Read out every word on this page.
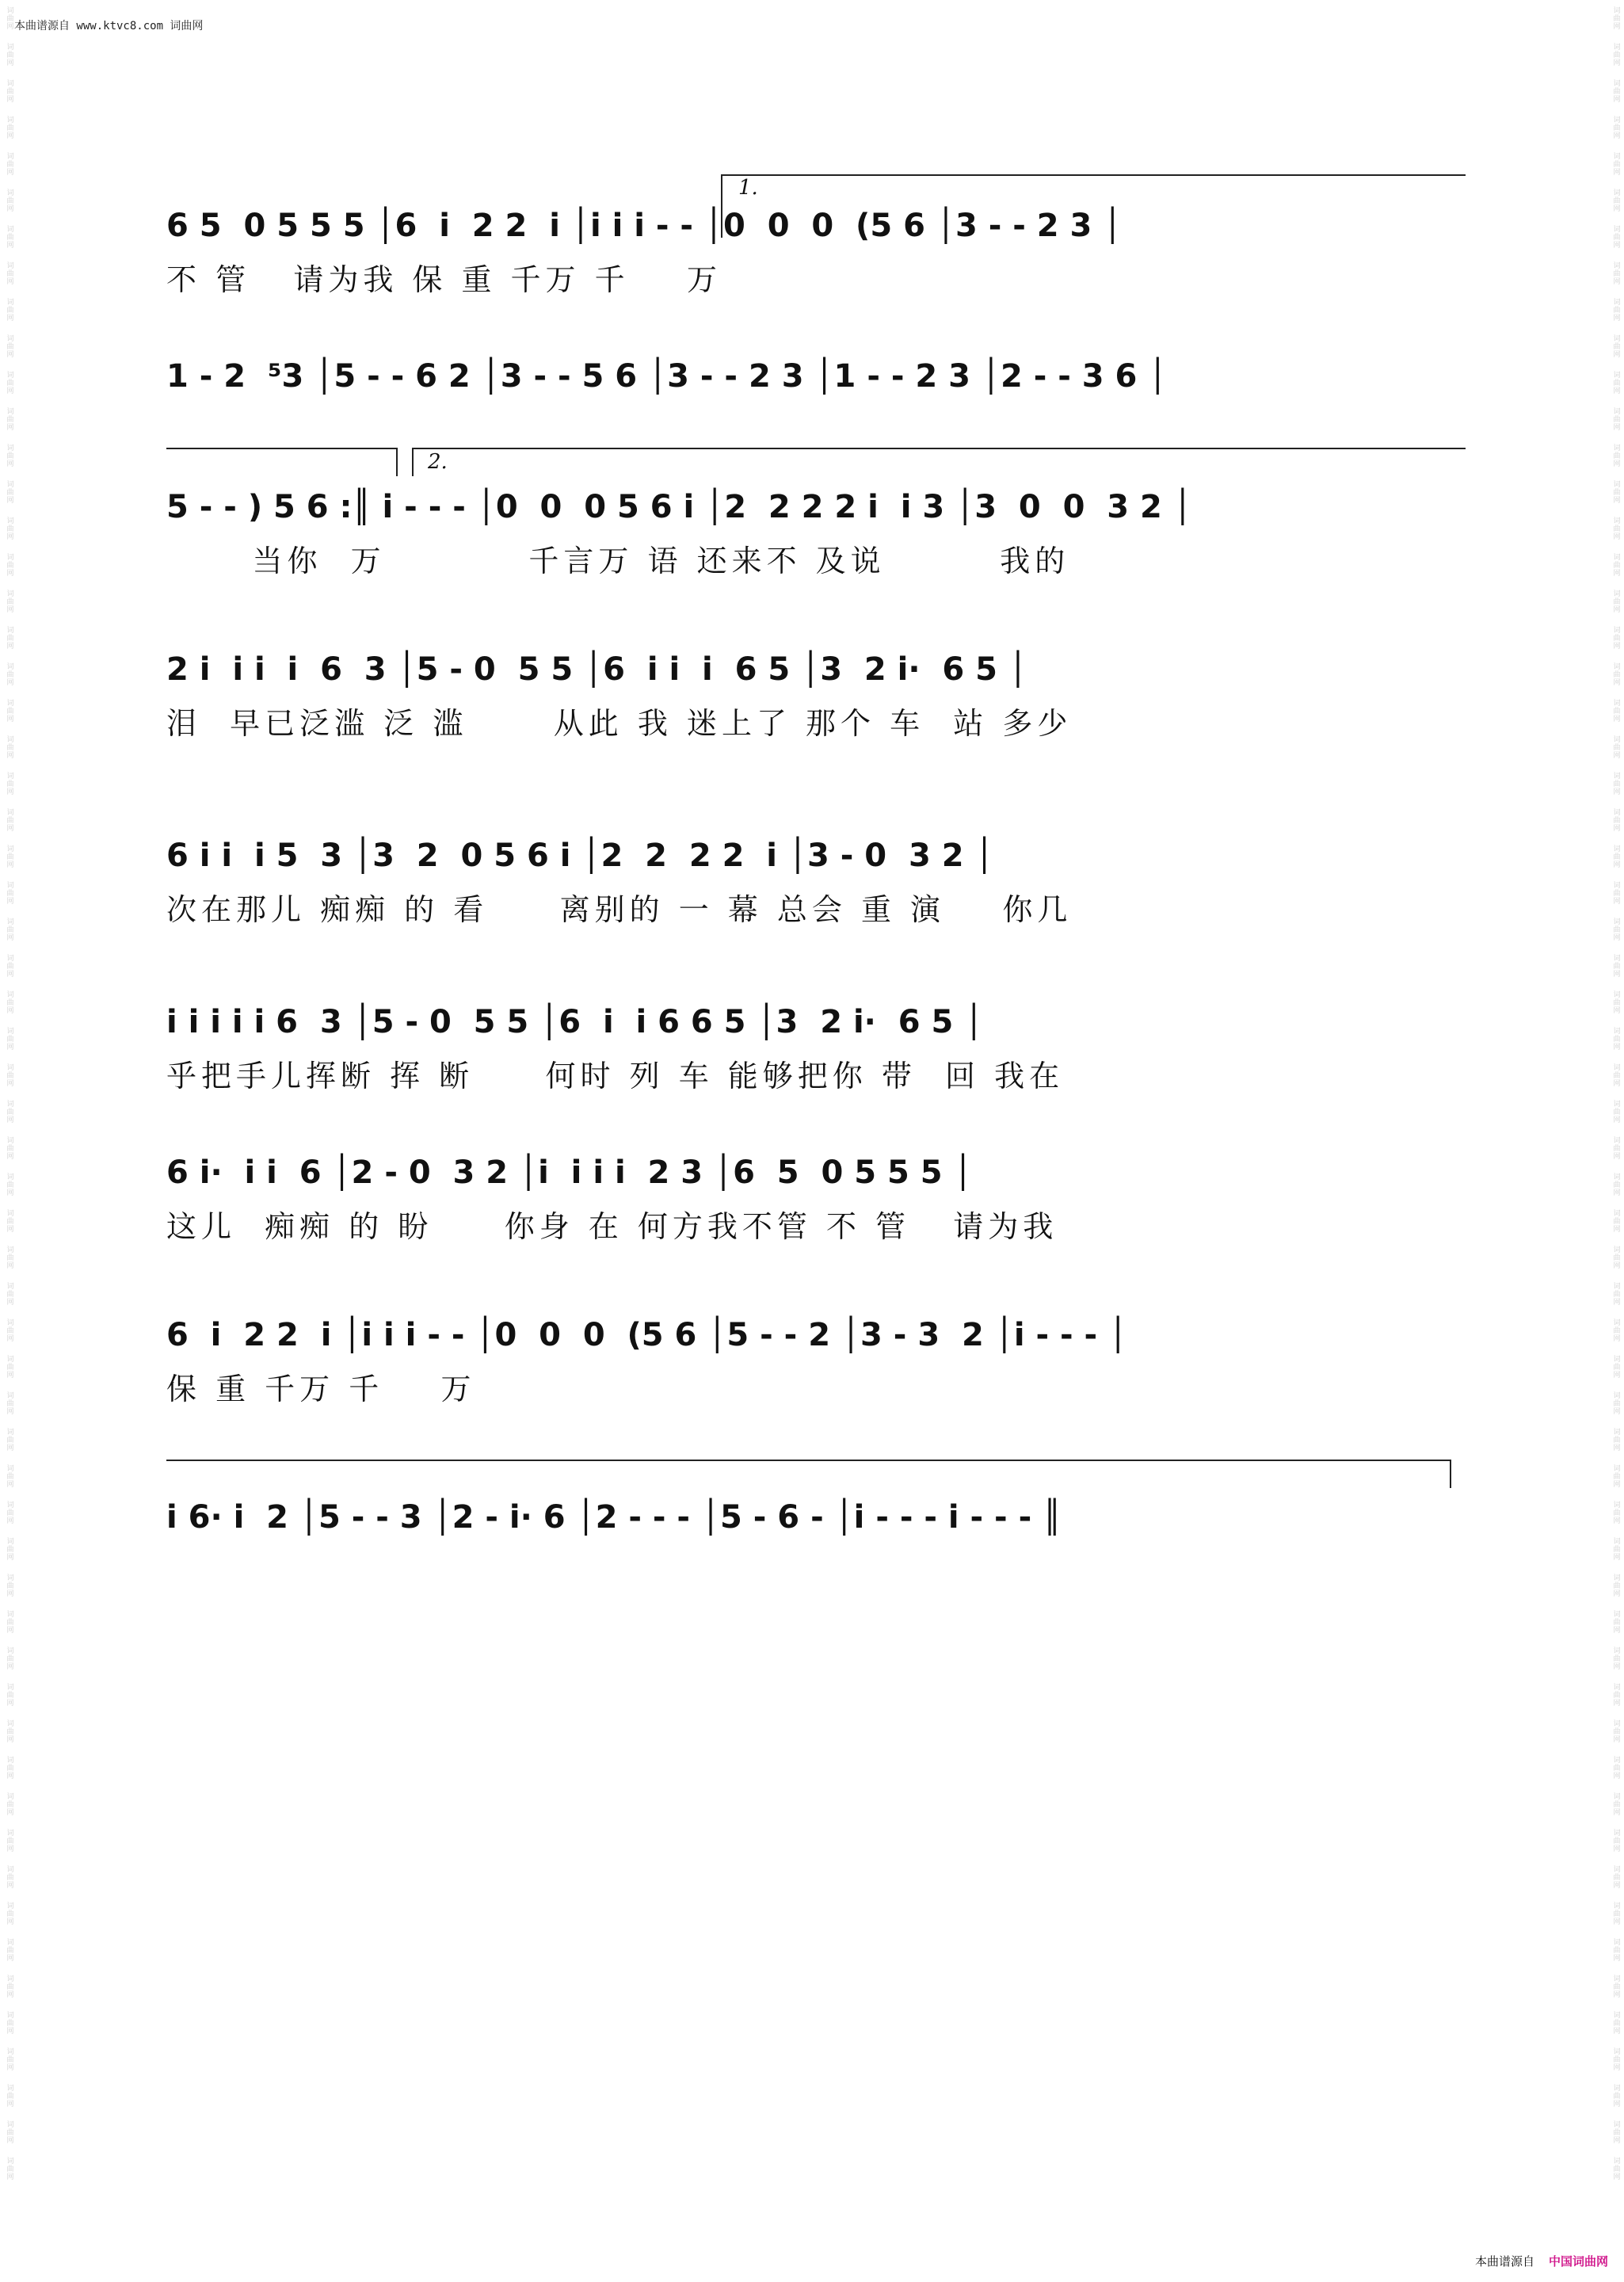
词曲网
词曲网
词曲网
词曲网
词曲网
词曲网
词曲网
词曲网
词曲网
词曲网
词曲网
词曲网
词曲网
词曲网
词曲网
词曲网
词曲网
词曲网
词曲网
词曲网
词曲网
词曲网
词曲网
词曲网
词曲网
词曲网
词曲网
词曲网
词曲网
词曲网
词曲网
词曲网
词曲网
词曲网
词曲网
词曲网
词曲网
词曲网
词曲网
词曲网
词曲网
词曲网
词曲网
词曲网
词曲网
词曲网
词曲网
词曲网
词曲网
词曲网
词曲网
词曲网
词曲网
词曲网
词曲网
词曲网
词曲网
词曲网
词曲网
词曲网
词曲网
词曲网
词曲网
词曲网
词曲网
词曲网
词曲网
词曲网
词曲网
词曲网
词曲网
词曲网
词曲网
词曲网
词曲网
词曲网
词曲网
词曲网
词曲网
词曲网
词曲网
词曲网
词曲网
词曲网
词曲网
词曲网
词曲网
词曲网
词曲网
词曲网
词曲网
词曲网
词曲网
词曲网
词曲网
词曲网
词曲网
词曲网
词曲网
词曲网
词曲网
词曲网
词曲网
词曲网
词曲网
词曲网
词曲网
词曲网
词曲网
词曲网
词曲网
词曲网
词曲网
词曲网
词曲网
词曲网
词曲网
词曲网
词曲网
词曲网
本曲谱源自 www.ktvc8.com 词曲网
1.
6 5  0 5 5 5 │6  i  2 2  i │i i i - - │0  0  0  (5 6 │3 - - 2 3 │
不 管   请为我 保 重 千万 千    万
1 - 2  ⁵3 │5 - - 6 2 │3 - - 5 6 │3 - - 2 3 │1 - - 2 3 │2 - - 3 6 │
2.
5 - - ) 5 6 :║ i - - - │0  0  0 5 6 i │2  2 2 2 i  i 3 │3  0  0  3 2 │
当你  万          千言万 语 还来不 及说        我的
2 i  i i  i  6  3 │5 - 0  5 5 │6  i i  i  6 5 │3  2 i·  6 5 │
泪  早已泛滥 泛 滥      从此 我 迷上了 那个 车  站 多少
6 i i  i 5  3 │3  2  0 5 6 i │2  2  2 2  i │3 - 0  3 2 │
次在那儿 痴痴 的 看     离别的 一 幕 总会 重 演    你几
i i i i i 6  3 │5 - 0  5 5 │6  i  i 6 6 5 │3  2 i·  6 5 │
乎把手儿挥断 挥 断     何时 列 车 能够把你 带  回 我在
6 i·  i i  6 │2 - 0  3 2 │i  i i i  2 3 │6  5  0 5 5 5 │
这儿  痴痴 的 盼     你身 在 何方我不管 不 管   请为我
6  i  2 2  i │i i i - - │0  0  0  (5 6 │5 - - 2 │3 - 3  2 │i - - - │
保 重 千万 千    万
i 6· i  2 │5 - - 3 │2 - i· 6 │2 - - - │5 - 6 - │i - - - i - - - ║
本曲谱源自 中国词曲网
